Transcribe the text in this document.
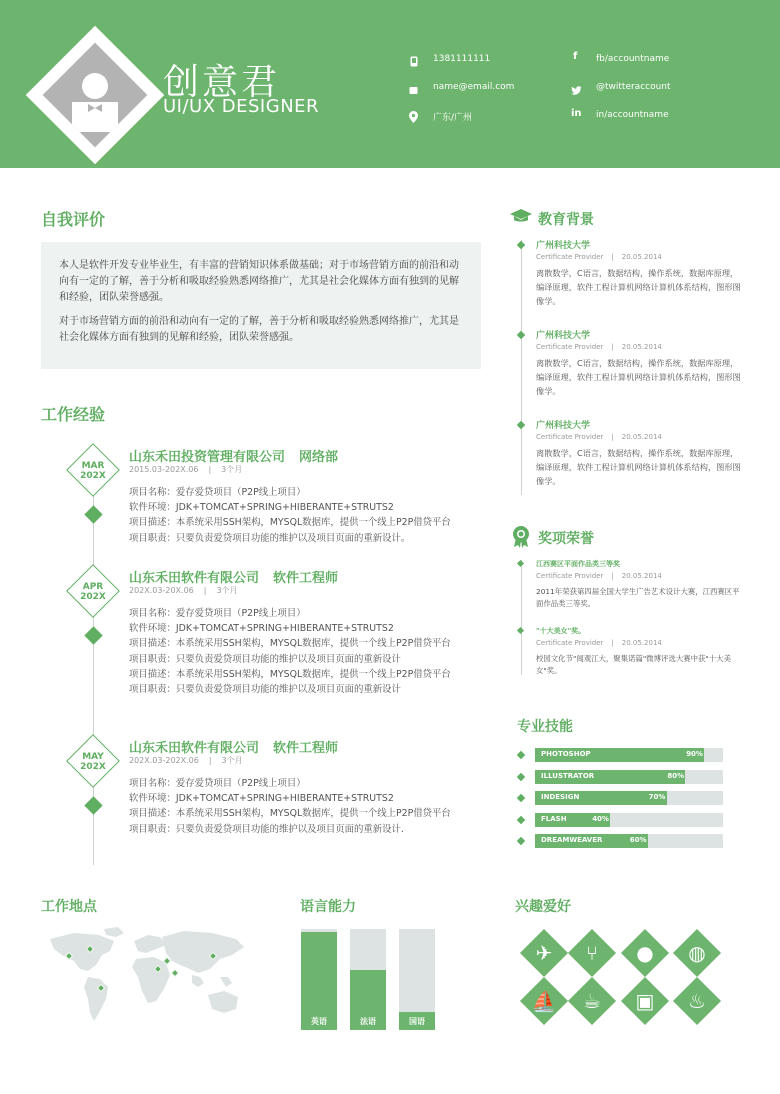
创意君
UI/UX DESIGNER
1381111111
name@email.com
广东/广州
f fb/accountname
@twitteraccount
in in/accountname
自我评价

本人是软件开发专业毕业生，有丰富的营销知识体系做基础；对于市场营销方面的前沿和动向有一定的了解，善于分析和吸取经验熟悉网络推广，尤其是社会化媒体方面有独到的见解和经验，团队荣誉感强。

对于市场营销方面的前沿和动向有一定的了解，善于分析和吸取经验熟悉网络推广，尤其是社会化媒体方面有独到的见解和经验，团队荣誉感强。

工作经验
MAR
202X
山东禾田投资管理有限公司 网络部
2015.03-202X.06 | 3个月
项目名称：爱存爱贷项目（P2P线上项目）
软件环境：JDK+TOMCAT+SPRING+HIBERANTE+STRUTS2
项目描述：本系统采用SSH架构，MYSQL数据库，提供一个线上P2P借贷平台
项目职责：只要负责爱贷项目功能的维护以及项目页面的重新设计。
APR
202X
山东禾田软件有限公司 软件工程师
202X.03-20X.06 | 3个月
项目名称：爱存爱贷项目（P2P线上项目）
软件环境：JDK+TOMCAT+SPRING+HIBERANTE+STRUTS2
项目描述：本系统采用SSH架构，MYSQL数据库，提供一个线上P2P借贷平台
项目职责：只要负责爱贷项目功能的维护以及项目页面的重新设计
项目描述：本系统采用SSH架构，MYSQL数据库，提供一个线上P2P借贷平台
项目职责：只要负责爱贷项目功能的维护以及项目页面的重新设计
MAY
202X
山东禾田软件有限公司 软件工程师
202X.03-202X.06 | 3个月
项目名称：爱存爱贷项目（P2P线上项目）
软件环境：JDK+TOMCAT+SPRING+HIBERANTE+STRUTS2
项目描述：本系统采用SSH架构，MYSQL数据库，提供一个线上P2P借贷平台
项目职责：只要负责爱贷项目功能的维护以及项目页面的重新设计.
教育背景
广州科技大学
Certificate Provider | 20.05.2014
离散数学，C语言，数据结构，操作系统，数据库原理，编译原理，软件工程计算机网络计算机体系结构，图形图像学。
广州科技大学
Certificate Provider | 20.05.2014
离散数学，C语言，数据结构，操作系统，数据库原理，编译原理，软件工程计算机网络计算机体系结构，图形图像学。
广州科技大学
Certificate Provider | 20.05.2014
离散数学，C语言，数据结构，操作系统，数据库原理，编译原理，软件工程计算机网络计算机体系结构，图形图像学。
奖项荣誉
江西赛区平面作品类三等奖
Certificate Provider | 20.05.2014
2011年荣获第四届全国大学生广告艺术设计大赛，江西赛区平面作品类三等奖。
"十大美女"奖。
Certificate Provider | 20.05.2014
校园文化节"闻观江大，聚集诺篇"微博评选大赛中获"十大美女"奖。
专业技能
PHOTOSHOP	90%
ILLUSTRATOR	80%
INDESIGN	70%
FLASH	40%
DREAMWEAVER	60%
工作地点	语言能力
英语	法语	国语
兴趣爱好
✈	⑂	●	◍
⛵	☕	▣	♨
